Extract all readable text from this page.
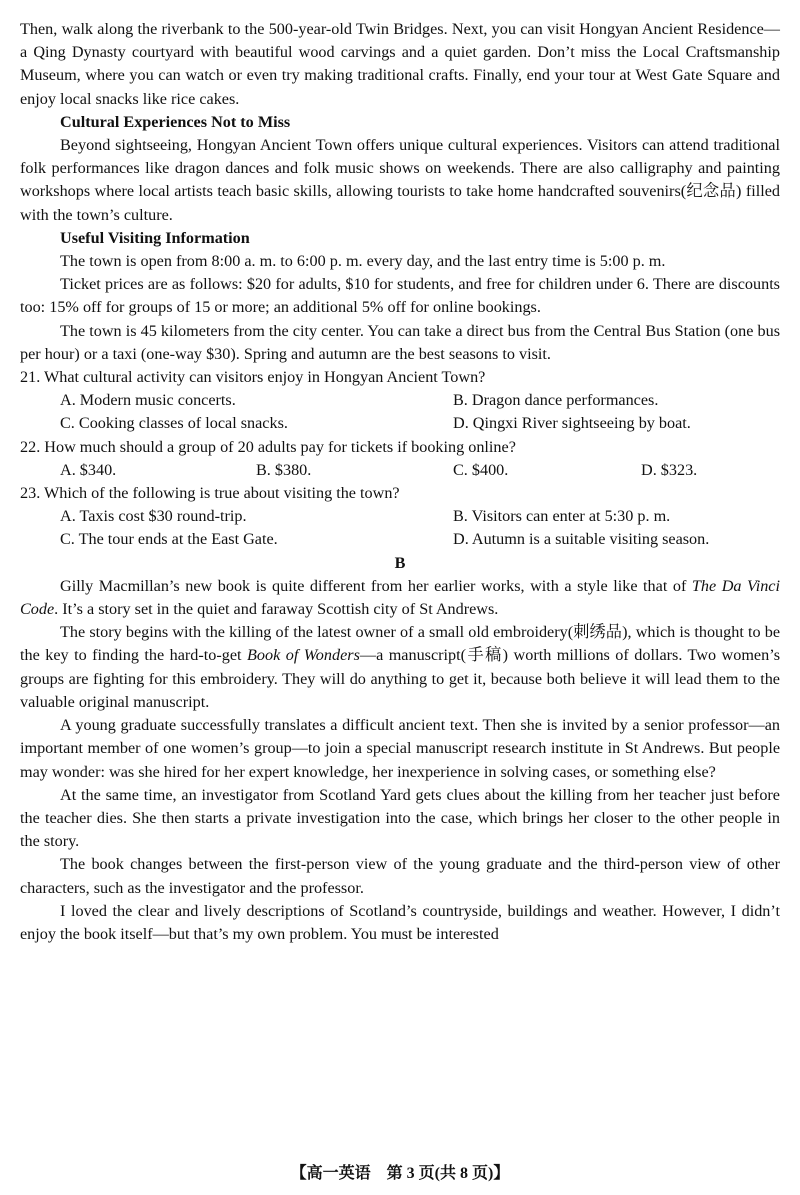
Then, walk along the riverbank to the 500-year-old Twin Bridges. Next, you can visit Hongyan Ancient Residence—a Qing Dynasty courtyard with beautiful wood carvings and a quiet garden. Don’t miss the Local Craftsmanship Museum, where you can watch or even try making traditional crafts. Finally, end your tour at West Gate Square and enjoy local snacks like rice cakes.

Cultural Experiences Not to Miss

Beyond sightseeing, Hongyan Ancient Town offers unique cultural experiences. Visitors can attend traditional folk performances like dragon dances and folk music shows on weekends. There are also calligraphy and painting workshops where local artists teach basic skills, allowing tourists to take home handcrafted souvenirs(纪念品) filled with the town’s culture.

Useful Visiting Information

The town is open from 8:00 a. m. to 6:00 p. m. every day, and the last entry time is 5:00 p. m.

Ticket prices are as follows: $20 for adults, $10 for students, and free for children under 6. There are discounts too: 15% off for groups of 15 or more; an additional 5% off for online bookings.

The town is 45 kilometers from the city center. You can take a direct bus from the Central Bus Station (one bus per hour) or a taxi (one-way $30). Spring and autumn are the best seasons to visit.

21. What cultural activity can visitors enjoy in Hongyan Ancient Town?

A. Modern music concerts.	B. Dragon dance performances.
C. Cooking classes of local snacks.	D. Qingxi River sightseeing by boat.

22. How much should a group of 20 adults pay for tickets if booking online?

A. $340.	B. $380.	C. $400.	D. $323.

23. Which of the following is true about visiting the town?

A. Taxis cost $30 round-trip.	B. Visitors can enter at 5:30 p. m.
C. The tour ends at the East Gate.	D. Autumn is a suitable visiting season.

B

Gilly Macmillan’s new book is quite different from her earlier works, with a style like that of The Da Vinci Code. It’s a story set in the quiet and faraway Scottish city of St Andrews.

The story begins with the killing of the latest owner of a small old embroidery(刺绣品), which is thought to be the key to finding the hard-to-get Book of Wonders—a manuscript(手稿) worth millions of dollars. Two women’s groups are fighting for this embroidery. They will do anything to get it, because both believe it will lead them to the valuable original manuscript.

A young graduate successfully translates a difficult ancient text. Then she is invited by a senior professor—an important member of one women’s group—to join a special manuscript research institute in St Andrews. But people may wonder: was she hired for her expert knowledge, her inexperience in solving cases, or something else?

At the same time, an investigator from Scotland Yard gets clues about the killing from her teacher just before the teacher dies. She then starts a private investigation into the case, which brings her closer to the other people in the story.

The book changes between the first-person view of the young graduate and the third-person view of other characters, such as the investigator and the professor.

I loved the clear and lively descriptions of Scotland’s countryside, buildings and weather. However, I didn’t enjoy the book itself—but that’s my own problem. You must be interested

【高一英语　第 3 页(共 8 页)】
